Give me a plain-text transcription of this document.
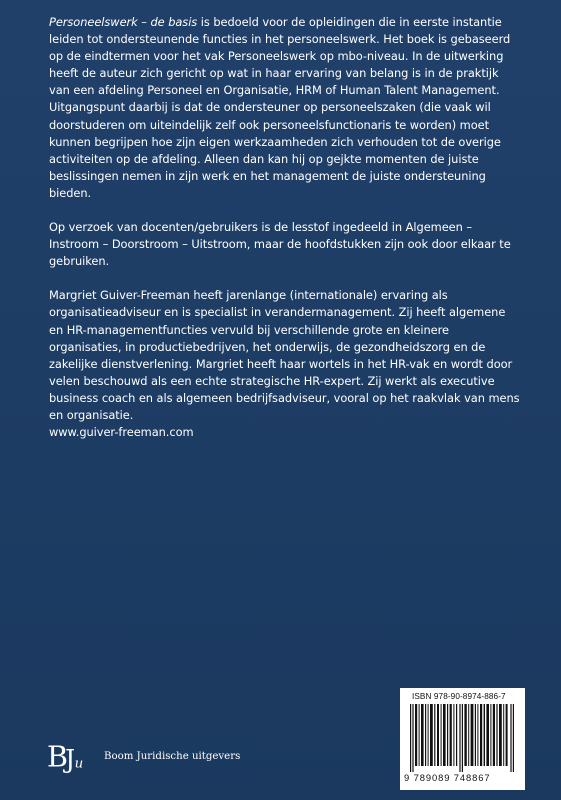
Personeelswerk – de basis is bedoeld voor de opleidingen die in eerste instantie leiden tot ondersteunende functies in het personeelswerk. Het boek is gebaseerd op de eindtermen voor het vak Personeelswerk op mbo-niveau. In de uitwerking heeft de auteur zich gericht op wat in haar ervaring van belang is in de praktijk van een afdeling Personeel en Organisatie, HRM of Human Talent Management. Uitgangspunt daarbij is dat de ondersteuner op personeelszaken (die vaak wil doorstuderen om uiteindelijk zelf ook personeelsfunctionaris te worden) moet kunnen begrijpen hoe zijn eigen werkzaamheden zich verhouden tot de overige activiteiten op de afdeling. Alleen dan kan hij op gejkte momenten de juiste beslissingen nemen in zijn werk en het management de juiste ondersteuning bieden.

Op verzoek van docenten/gebruikers is de lesstof ingedeeld in Algemeen – Instroom – Doorstroom – Uitstroom, maar de hoofdstukken zijn ook door elkaar te gebruiken.

Margriet Guiver-Freeman heeft jarenlange (internationale) ervaring als organisatieadviseur en is specialist in verandermanagement. Zij heeft algemene en HR-managementfuncties vervuld bij verschillende grote en kleinere organisaties, in productiebedrijven, het onderwijs, de gezondheidszorg en de zakelijke dienstverlening. Margriet heeft haar wortels in het HR-vak en wordt door velen beschouwd als een echte strategische HR-expert. Zij werkt als executive business coach en als algemeen bedrijfsadviseur, vooral op het raakvlak van mens en organisatie.

www.guiver-freeman.com

B
J u Boom Juridische uitgevers
ISBN 978-90-8974-886-7
9 789089 748867
